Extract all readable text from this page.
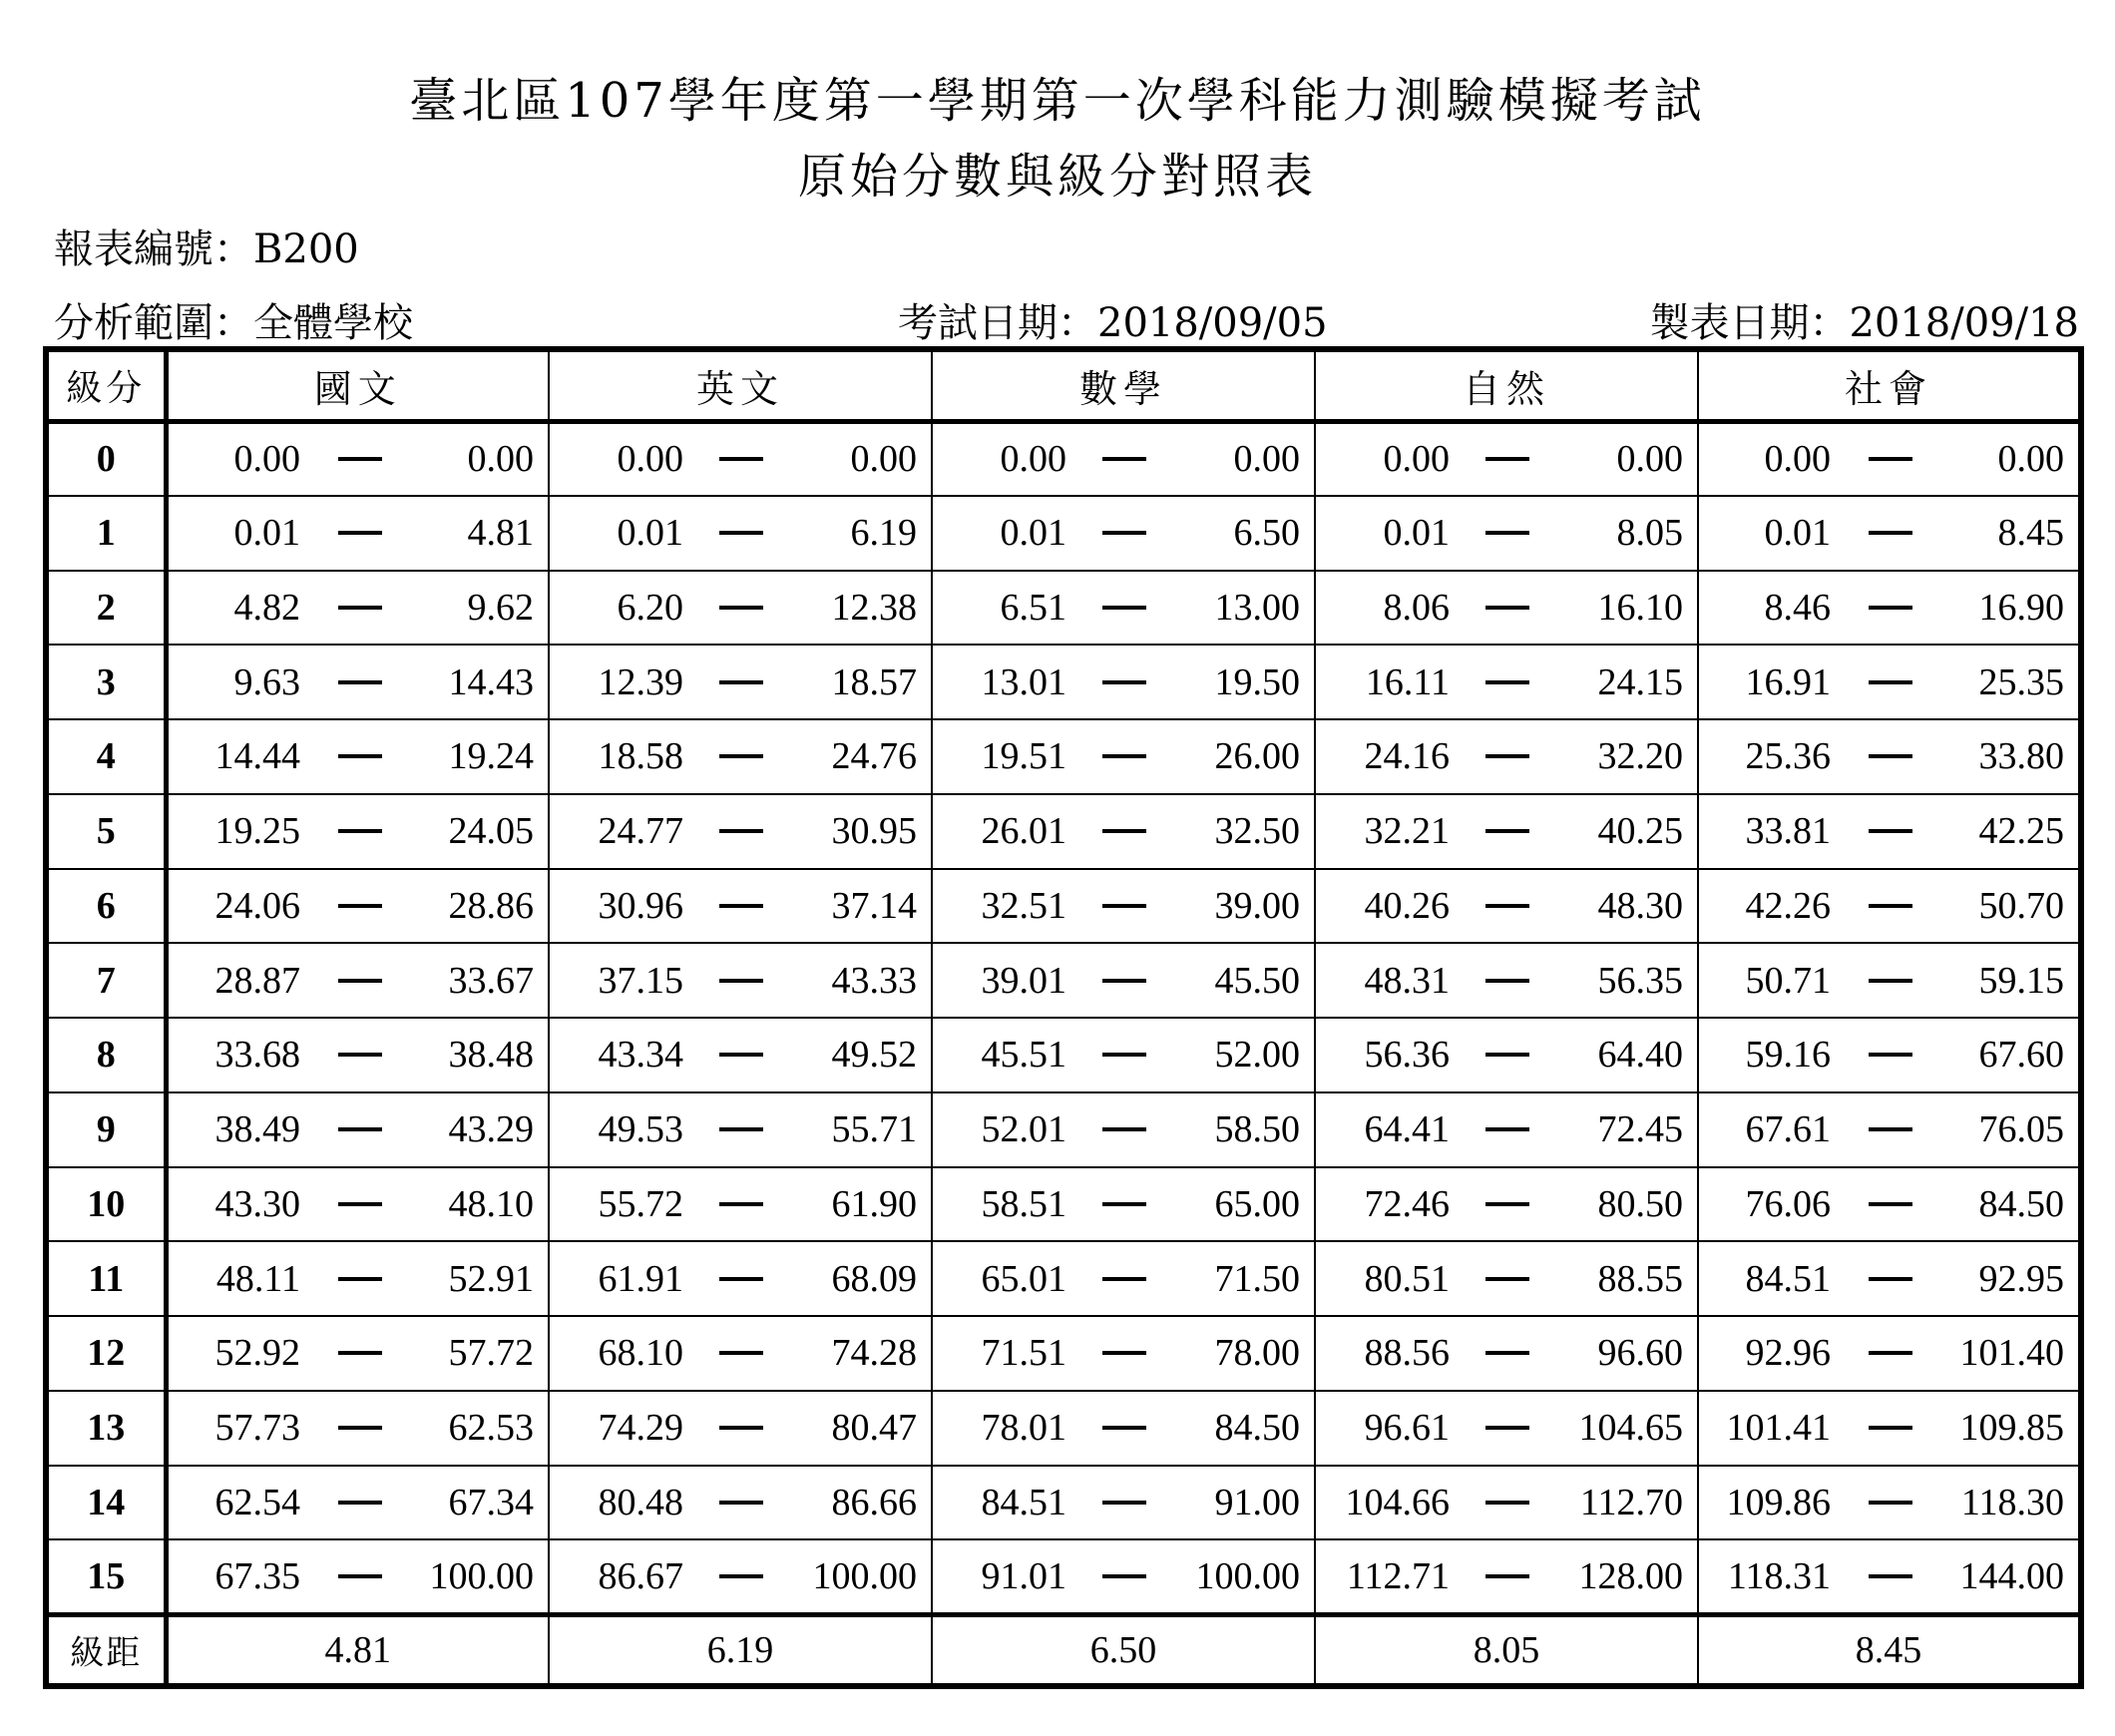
臺北區107學年度第一學期第一次學科能力測驗模擬考試
原始分數與級分對照表
報表編號：B200
分析範圍：全體學校	考試日期：2018/09/05	製表日期：2018/09/18
級分	國文	英文	數學	自然	社會
0	0.00 0.00	0.00 0.00	0.00 0.00	0.00 0.00	0.00 0.00

1	0.01 4.81	0.01 6.19	0.01 6.50	0.01 8.05	0.01 8.45

2	4.82 9.62	6.20 12.38	6.51 13.00	8.06 16.10	8.46 16.90

3	9.63 14.43	12.39 18.57	13.01 19.50	16.11 24.15	16.91 25.35

4	14.44 19.24	18.58 24.76	19.51 26.00	24.16 32.20	25.36 33.80

5	19.25 24.05	24.77 30.95	26.01 32.50	32.21 40.25	33.81 42.25

6	24.06 28.86	30.96 37.14	32.51 39.00	40.26 48.30	42.26 50.70

7	28.87 33.67	37.15 43.33	39.01 45.50	48.31 56.35	50.71 59.15

8	33.68 38.48	43.34 49.52	45.51 52.00	56.36 64.40	59.16 67.60

9	38.49 43.29	49.53 55.71	52.01 58.50	64.41 72.45	67.61 76.05

10	43.30 48.10	55.72 61.90	58.51 65.00	72.46 80.50	76.06 84.50

11	48.11 52.91	61.91 68.09	65.01 71.50	80.51 88.55	84.51 92.95

12	52.92 57.72	68.10 74.28	71.51 78.00	88.56 96.60	92.96 101.40

13	57.73 62.53	74.29 80.47	78.01 84.50	96.61 104.65	101.41 109.85

14	62.54 67.34	80.48 86.66	84.51 91.00	104.66 112.70	109.86 118.30

15	67.35 100.00	86.67 100.00	91.01 100.00	112.71 128.00	118.31 144.00

級距	4.81	6.19	6.50	8.05	8.45
